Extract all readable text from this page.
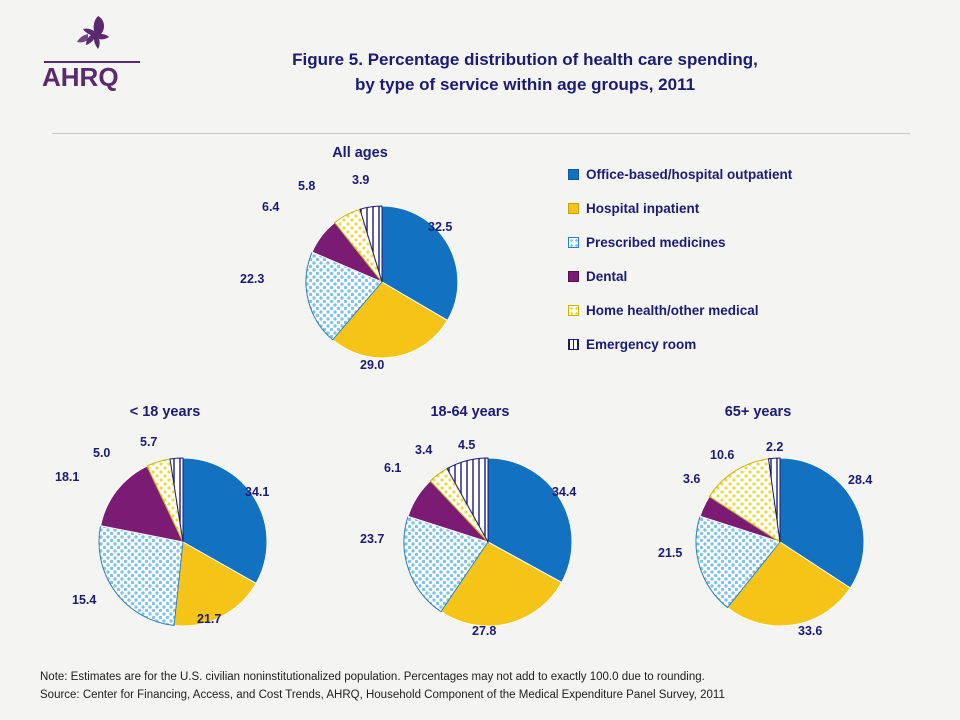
AHRQ
Figure 5. Percentage distribution of health care spending,
by type of service within age groups, 2011
All ages
32.5
29.0
22.3
6.4
5.8	3.9	Office-based/hospital outpatient
Hospital inpatient
Prescribed medicines
Dental
Home health/other medical
Emergency room
< 18 years
34.1
21.7
15.4
18.1
5.0
5.7
18-64 years
34.4
27.8
23.7
6.1
3.4 4.5
65+ years
28.4
33.6
21.5
3.6
10.6
2.2
Note: Estimates are for the U.S. civilian noninstitutionalized population. Percentages may not add to exactly 100.0 due to rounding.
Source: Center for Financing, Access, and Cost Trends, AHRQ, Household Component of the Medical Expenditure Panel Survey, 2011
